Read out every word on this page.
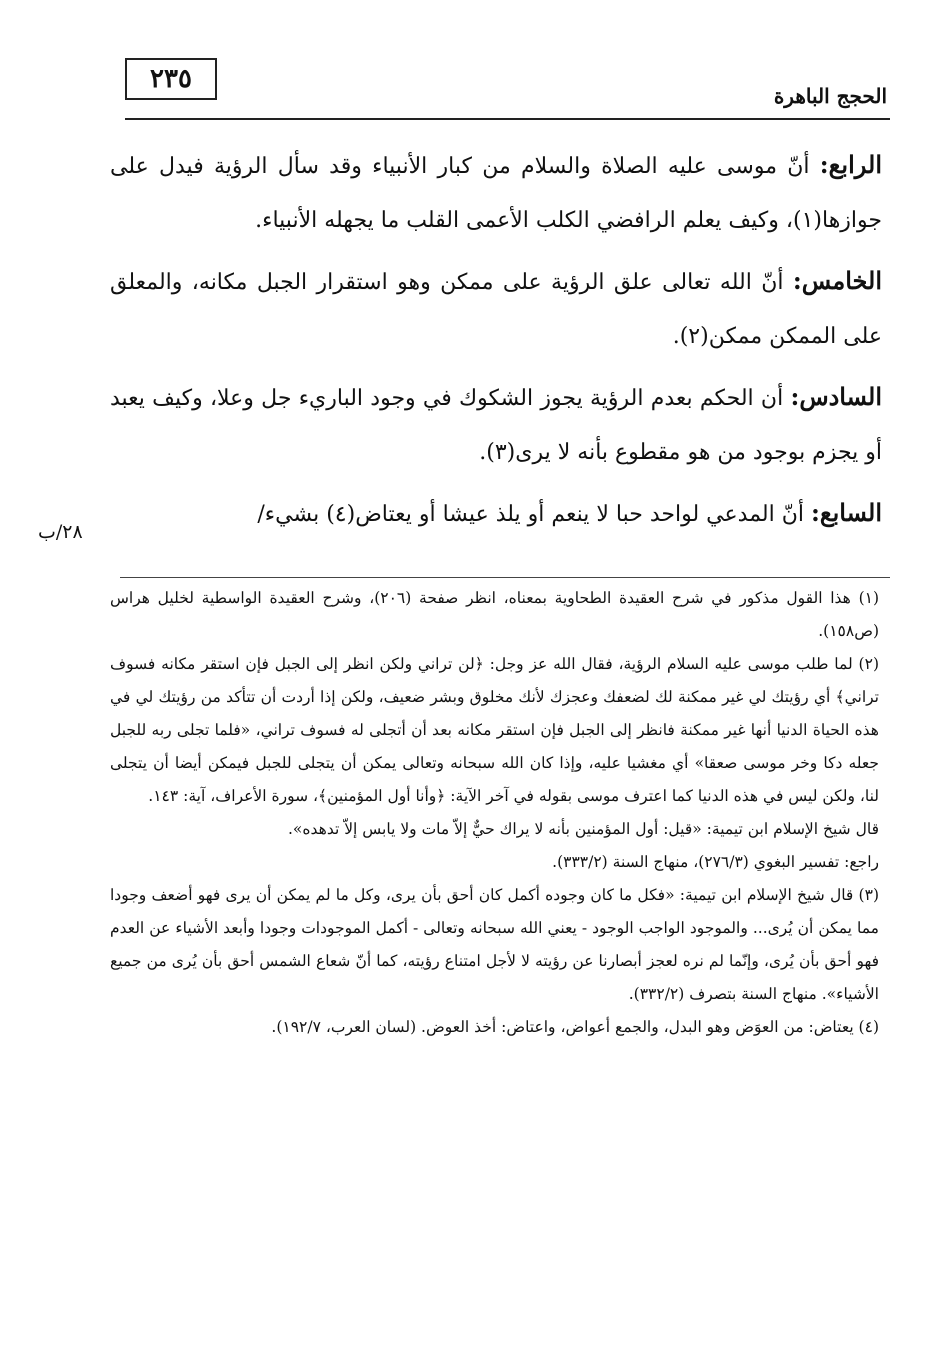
٢٣٥
الحجج الباهرة

الرابع: أنّ موسى عليه الصلاة والسلام من كبار الأنبياء وقد سأل الرؤية فيدل على جوازها(١)، وكيف يعلم الرافضي الكلب الأعمى القلب ما يجهله الأنبياء.

الخامس: أنّ الله تعالى علق الرؤية على ممكن وهو استقرار الجبل مكانه، والمعلق على الممكن ممكن(٢).

السادس: أن الحكم بعدم الرؤية يجوز الشكوك في وجود الباريء جل وعلا، وكيف يعبد أو يجزم بوجود من هو مقطوع بأنه لا يرى(٣).

السابع: أنّ المدعي لواحد حبا لا ينعم أو يلذ عيشا أو يعتاض(٤) بشيء/

٢٨/ب

(١) هذا القول مذكور في شرح العقيدة الطحاوية بمعناه، انظر صفحة (٢٠٦)، وشرح العقيدة الواسطية لخليل هراس (ص١٥٨).

(٢) لما طلب موسى عليه السلام الرؤية، فقال الله عز وجل: ﴿لن تراني ولكن انظر إلى الجبل فإن استقر مكانه فسوف تراني﴾ أي رؤيتك لي غير ممكنة لك لضعفك وعجزك لأنك مخلوق وبشر ضعيف، ولكن إذا أردت أن تتأكد من رؤيتك لي في هذه الحياة الدنيا أنها غير ممكنة فانظر إلى الجبل فإن استقر مكانه بعد أن أتجلى له فسوف تراني، «فلما تجلى ربه للجبل جعله دكا وخر موسى صعقا» أي مغشيا عليه، وإذا كان الله سبحانه وتعالى يمكن أن يتجلى للجبل فيمكن أيضا أن يتجلى لنا، ولكن ليس في هذه الدنيا كما اعترف موسى بقوله في آخر الآية: ﴿وأنا أول المؤمنين﴾، سورة الأعراف، آية: ١٤٣.

قال شيخ الإسلام ابن تيمية: «قيل: أول المؤمنين بأنه لا يراك حيٌّ إلاّ مات ولا يابس إلاّ تدهده».

راجع: تفسير البغوي (٢٧٦/٣)، منهاج السنة (٣٣٣/٢).

(٣) قال شيخ الإسلام ابن تيمية: «فكل ما كان وجوده أكمل كان أحق بأن يرى، وكل ما لم يمكن أن يرى فهو أضعف وجودا مما يمكن أن يُرى... والموجود الواجب الوجود - يعني الله سبحانه وتعالى - أكمل الموجودات وجودا وأبعد الأشياء عن العدم فهو أحق بأن يُرى، وإنّما لم نره لعجز أبصارنا عن رؤيته لا لأجل امتناع رؤيته، كما أنّ شعاع الشمس أحق بأن يُرى من جميع الأشياء». منهاج السنة بتصرف (٣٣٢/٢).

(٤) يعتاض: من العوَض وهو البدل، والجمع أعواض، واعتاض: أخذ العوض. (لسان العرب، ١٩٢/٧).
